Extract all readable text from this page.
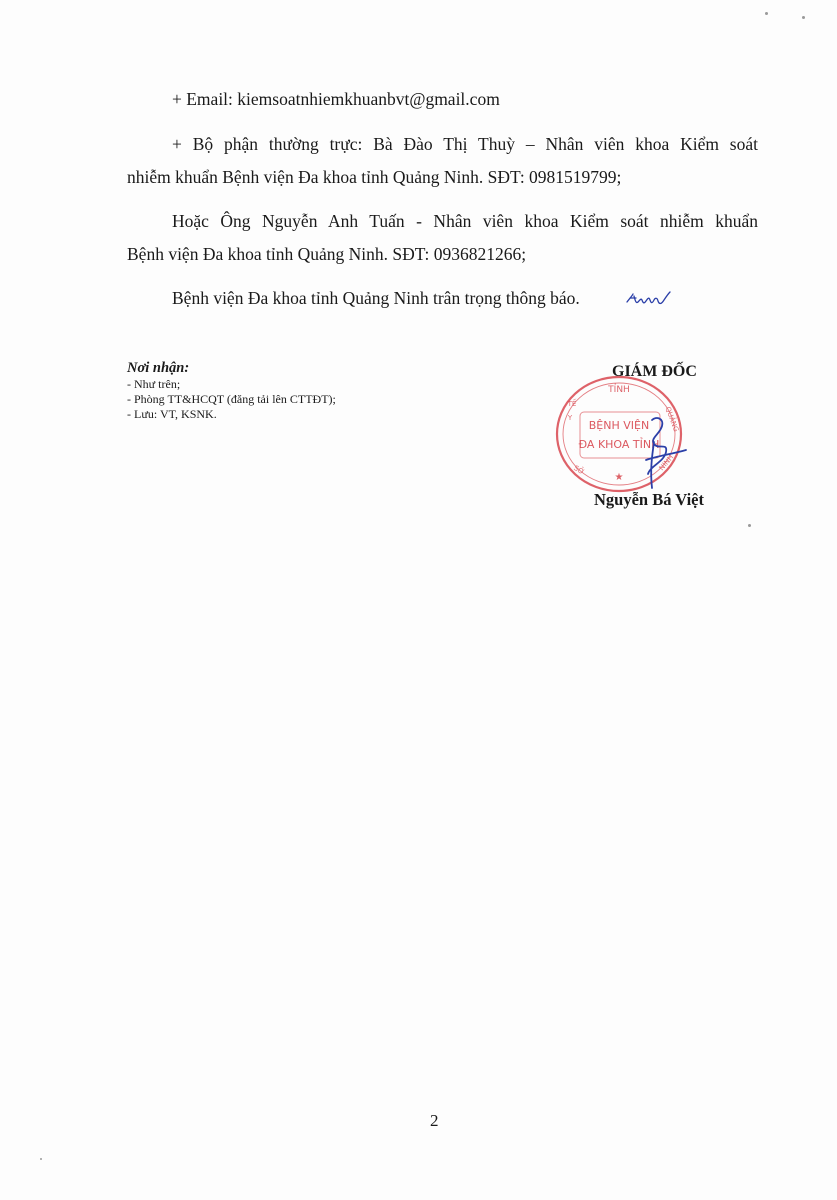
+ Email: kiemsoatnhiemkhuanbvt@gmail.com
+ Bộ phận thường trực: Bà Đào Thị Thuỳ – Nhân viên khoa Kiểm soát
nhiễm khuẩn Bệnh viện Đa khoa tỉnh Quảng Ninh. SĐT: 0981519799;
Hoặc Ông Nguyễn Anh Tuấn - Nhân viên khoa Kiểm soát nhiễm khuẩn
Bệnh viện Đa khoa tỉnh Quảng Ninh. SĐT: 0936821266;
Bệnh viện Đa khoa tỉnh Quảng Ninh trân trọng thông báo.
Nơi nhận:
- Như trên;
- Phòng TT&HCQT (đăng tải lên CTTĐT);
- Lưu: VT, KSNK.
GIÁM ĐỐC
TỈNH
BỆNH VIỆN
ĐA KHOA TỈNH
QUẢNG
NINH
Y
TẾ
SỞ
★
Nguyễn Bá Việt
2
